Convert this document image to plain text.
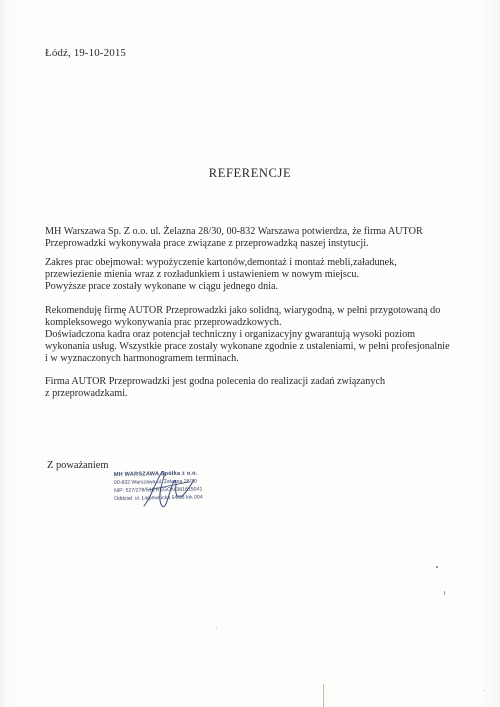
Łódź, 19-10-2015
REFERENCJE

MH Warszawa Sp. Z o.o. ul. Żelazna 28/30, 00-832 Warszawa potwierdza, że firma AUTOR
Przeprowadzki wykonywała prace związane z przeprowadzką naszej instytucji.

Zakres prac obejmował: wypożyczenie kartonów,demontaż i montaż mebli,załadunek,
przewiezienie mienia wraz z rozładunkiem i ustawieniem w nowym miejscu.
Powyższe prace zostały wykonane w ciągu jednego dnia.

Rekomenduję firmę AUTOR Przeprowadzki jako solidną, wiarygodną, w pełni przygotowaną do
kompleksowego wykonywania prac przeprowadzkowych.
Doświadczona kadra oraz potencjał techniczny i organizacyjny gwarantują wysoki poziom
wykonania usług. Wszystkie prace zostały wykonane zgodnie z ustaleniami, w pełni profesjonalnie
i w wyznaczonych harmonogramem terminach.

Firma AUTOR Przeprowadzki jest godna polecenia do realizacji zadań związanych
z przeprowadzkami.

Z poważaniem
MH WARSZAWA Spółka z o.o.
00-832 Warszawa ul. Żelazna 28/30
NIP: 527/278/518 REGON 381615041
Oddział: ul. Łagiewnicka 54/56 lok 004
